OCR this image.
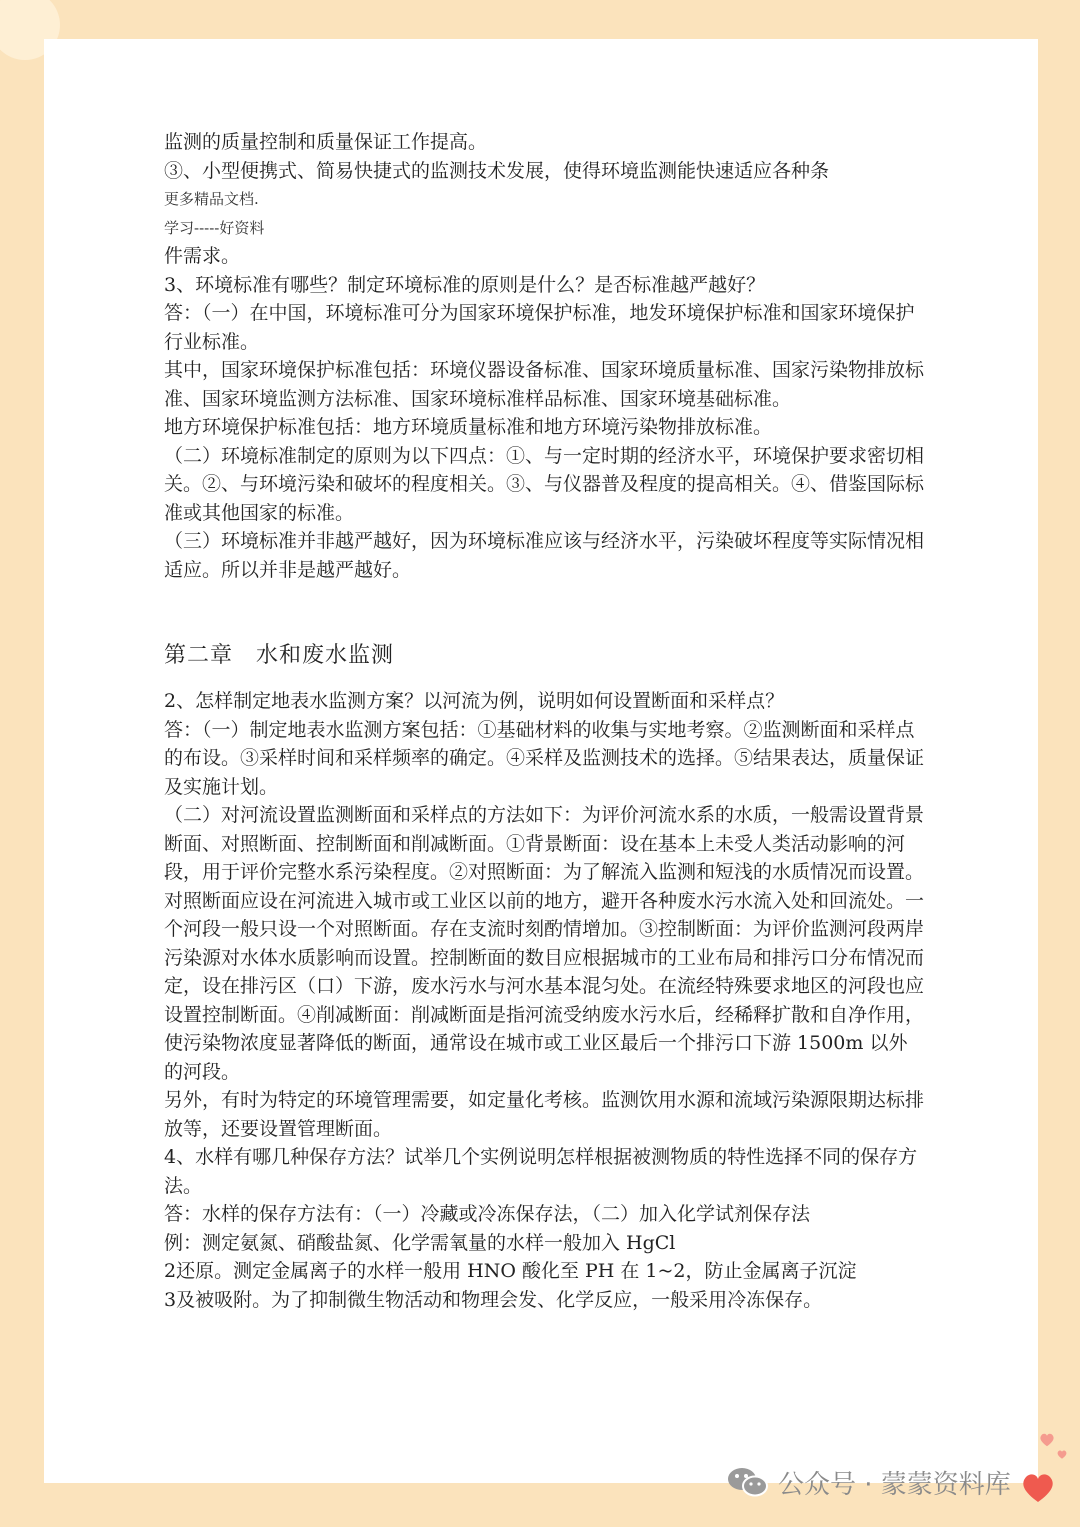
监测的质量控制和质量保证工作提高。

③、小型便携式、简易快捷式的监测技术发展，使得环境监测能快速适应各种条

更多精品文档.

学习-----好资料

件需求。

3、环境标准有哪些？制定环境标准的原则是什么？是否标准越严越好？

答：（一）在中国，环境标准可分为国家环境保护标准，地发环境保护标准和国家环境保护行业标准。

其中，国家环境保护标准包括：环境仪器设备标准、国家环境质量标准、国家污染物排放标准、国家环境监测方法标准、国家环境标准样品标准、国家环境基础标准。

地方环境保护标准包括：地方环境质量标准和地方环境污染物排放标准。

（二）环境标准制定的原则为以下四点：①、与一定时期的经济水平，环境保护要求密切相关。②、与环境污染和破坏的程度相关。③、与仪器普及程度的提高相关。④、借鉴国际标准或其他国家的标准。

（三）环境标准并非越严越好，因为环境标准应该与经济水平，污染破坏程度等实际情况相适应。所以并非是越严越好。

第二章　水和废水监测

2、怎样制定地表水监测方案？以河流为例，说明如何设置断面和采样点？

答：（一）制定地表水监测方案包括：①基础材料的收集与实地考察。②监测断面和采样点的布设。③采样时间和采样频率的确定。④采样及监测技术的选择。⑤结果表达，质量保证及实施计划。

（二）对河流设置监测断面和采样点的方法如下：为评价河流水系的水质，一般需设置背景断面、对照断面、控制断面和削减断面。①背景断面：设在基本上未受人类活动影响的河段，用于评价完整水系污染程度。②对照断面：为了解流入监测和短浅的水质情况而设置。对照断面应设在河流进入城市或工业区以前的地方，避开各种废水污水流入处和回流处。一个河段一般只设一个对照断面。存在支流时刻酌情增加。③控制断面：为评价监测河段两岸污染源对水体水质影响而设置。控制断面的数目应根据城市的工业布局和排污口分布情况而定，设在排污区（口）下游，废水污水与河水基本混匀处。在流经特殊要求地区的河段也应设置控制断面。④削减断面：削减断面是指河流受纳废水污水后，经稀释扩散和自净作用，使污染物浓度显著降低的断面，通常设在城市或工业区最后一个排污口下游 1500m 以外的河段。

另外，有时为特定的环境管理需要，如定量化考核。监测饮用水源和流域污染源限期达标排放等，还要设置管理断面。

4、水样有哪几种保存方法？试举几个实例说明怎样根据被测物质的特性选择不同的保存方法。

答：水样的保存方法有：（一）冷藏或冷冻保存法，（二）加入化学试剂保存法

例：测定氨氮、硝酸盐氮、化学需氧量的水样一般加入 HgCl

2还原。测定金属离子的水样一般用 HNO 酸化至 PH 在 1~2，防止金属离子沉淀

3及被吸附。为了抑制微生物活动和物理会发、化学反应，一般采用冷冻保存。

公众号 · 蒙蒙资料库
